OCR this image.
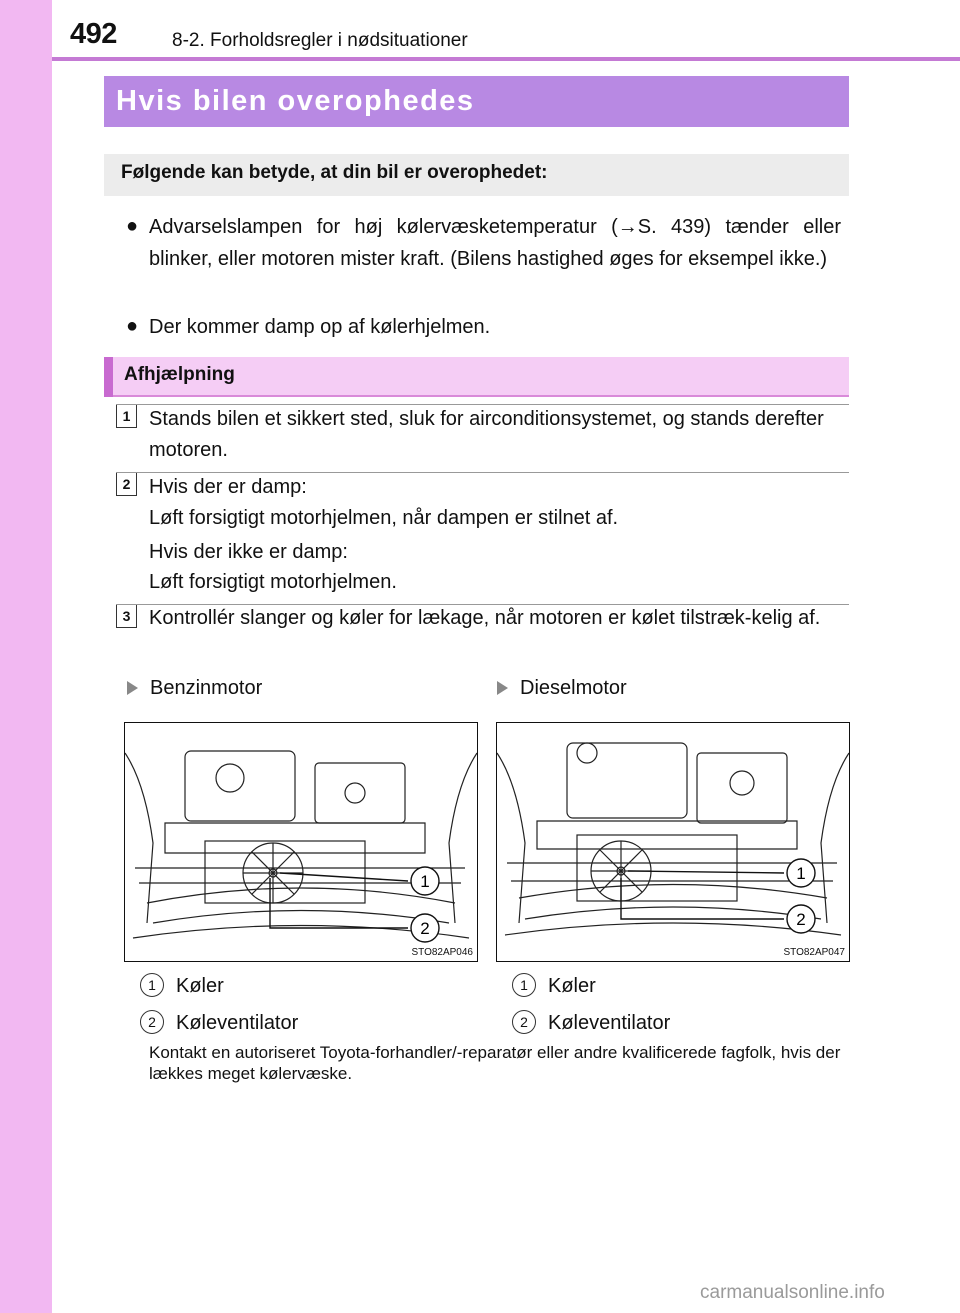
492	8-2. Forholdsregler i nødsituationer
Hvis bilen overophedes
Følgende kan betyde, at din bil er overophedet:
● Advarselslampen for høj kølervæsketemperatur (→S. 439) tænder eller blinker, eller motoren mister kraft. (Bilens hastighed øges for eksempel ikke.)
● Der kommer damp op af kølerhjelmen.
Afhjælpning
1 Stands bilen et sikkert sted, sluk for airconditionsystemet, og stands derefter motoren.
2 Hvis der er damp:
Løft forsigtigt motorhjelmen, når dampen er stilnet af.
Hvis der ikke er damp:
Løft forsigtigt motorhjelmen.
3 Kontrollér slanger og køler for lækage, når motoren er kølet tilstræk-kelig af.
Benzinmotor	Dieselmotor
1
2
STO82AP046
1
2
STO82AP047
1 Køler
2 Køleventilator
1 Køler
2 Køleventilator
Kontakt en autoriseret Toyota-forhandler/-reparatør eller andre kvalificerede fagfolk, hvis der lækkes meget kølervæske.
carmanualsonline.info
